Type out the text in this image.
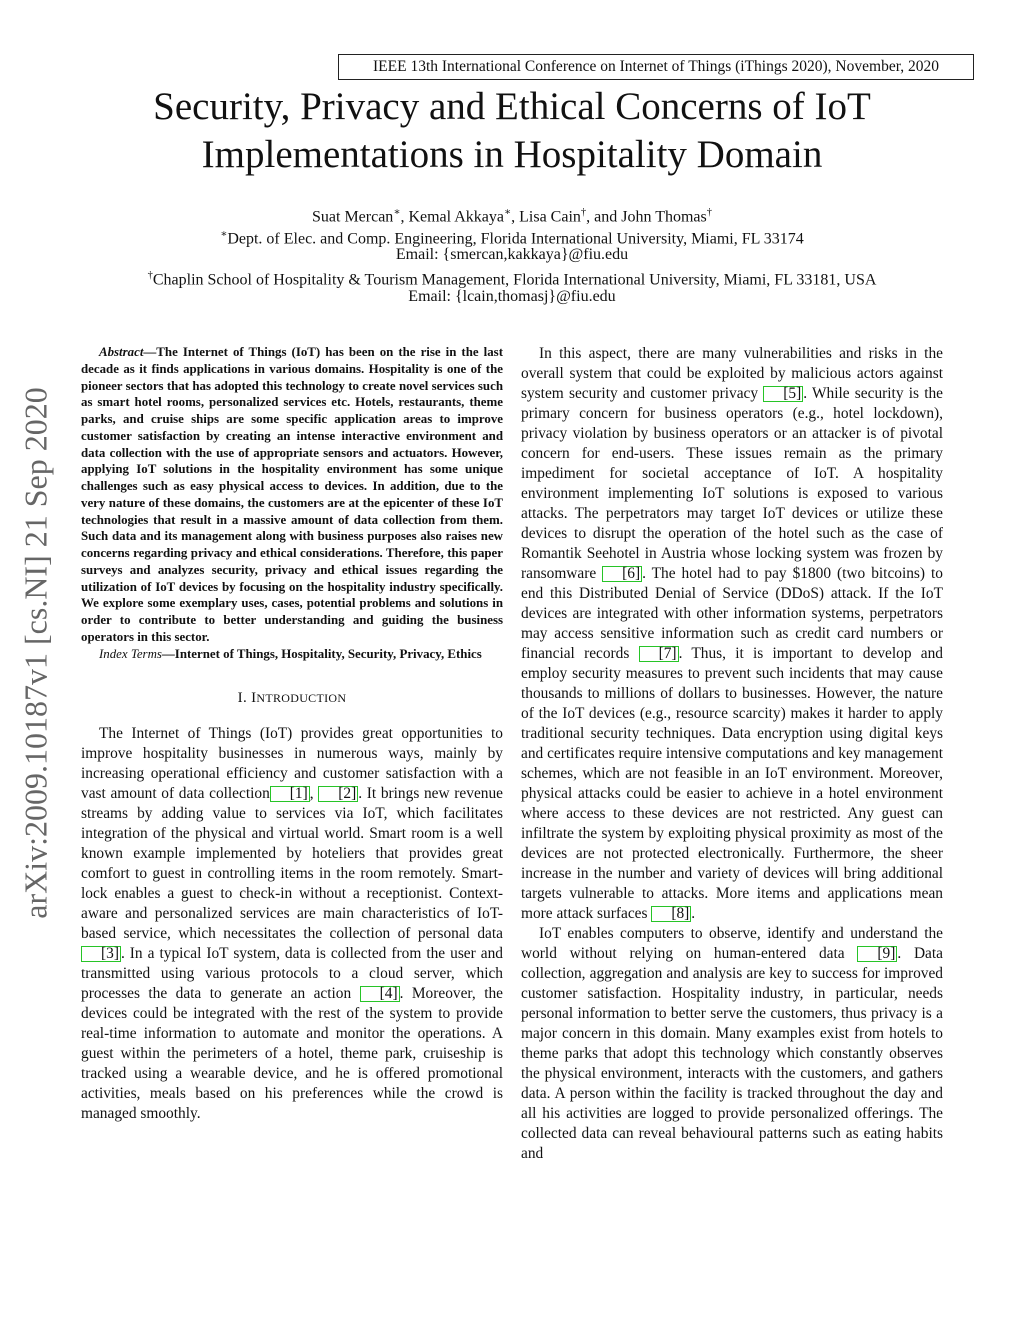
IEEE 13th International Conference on Internet of Things (iThings 2020), November, 2020
Security, Privacy and Ethical Concerns of IoT
Implementations in Hospitality Domain
Suat Mercan∗, Kemal Akkaya∗, Lisa Cain†, and John Thomas†
∗Dept. of Elec. and Comp. Engineering, Florida International University, Miami, FL 33174
Email: {smercan,kakkaya}@fiu.edu
†Chaplin School of Hospitality & Tourism Management, Florida International University, Miami, FL 33181, USA
Email: {lcain,thomasj}@fiu.edu
arXiv:2009.10187v1 [cs.NI] 21 Sep 2020

Abstract—The Internet of Things (IoT) has been on the rise in the last decade as it finds applications in various domains. Hospitality is one of the pioneer sectors that has adopted this technology to create novel services such as smart hotel rooms, personalized services etc. Hotels, restaurants, theme parks, and cruise ships are some specific application areas to improve customer satisfaction by creating an intense interactive environment and data collection with the use of appropriate sensors and actuators. However, applying IoT solutions in the hospitality environment has some unique challenges such as easy physical access to devices. In addition, due to the very nature of these domains, the customers are at the epicenter of these IoT technologies that result in a massive amount of data collection from them. Such data and its management along with business purposes also raises new concerns regarding privacy and ethical considerations. Therefore, this paper surveys and analyzes security, privacy and ethical issues regarding the utilization of IoT devices by focusing on the hospitality industry specifically. We explore some exemplary uses, cases, potential problems and solutions in order to contribute to better understanding and guiding the business operators in this sector.

Index Terms—Internet of Things, Hospitality, Security, Privacy, Ethics

I. INTRODUCTION

The Internet of Things (IoT) provides great opportunities to improve hospitality businesses in numerous ways, mainly by increasing operational efficiency and customer satisfaction with a vast amount of data collection [1] , [2] . It brings new revenue streams by adding value to services via IoT, which facilitates integration of the physical and virtual world. Smart room is a well known example implemented by hoteliers that provides great comfort to guest in controlling items in the room remotely. Smart-lock enables a guest to check-in without a receptionist. Context-aware and personalized services are main characteristics of IoT-based service, which necessitates the collection of personal data [3] . In a typical IoT system, data is collected from the user and transmitted using various protocols to a cloud server, which processes the data to generate an action [4] . Moreover, the devices could be integrated with the rest of the system to provide real-time information to automate and monitor the operations. A guest within the perimeters of a hotel, theme park, cruiseship is tracked using a wearable device, and he is offered promotional activities, meals based on his preferences while the crowd is managed smoothly.

In this aspect, there are many vulnerabilities and risks in the overall system that could be exploited by malicious actors against system security and customer privacy [5] . While security is the primary concern for business operators (e.g., hotel lockdown), privacy violation by business operators or an attacker is of pivotal concern for end-users. These issues remain as the primary impediment for societal acceptance of IoT. A hospitality environment implementing IoT solutions is exposed to various attacks. The perpetrators may target IoT devices or utilize these devices to disrupt the operation of the hotel such as the case of Romantik Seehotel in Austria whose locking system was frozen by ransomware [6] . The hotel had to pay $1800 (two bitcoins) to end this Distributed Denial of Service (DDoS) attack. If the IoT devices are integrated with other information systems, perpetrators may access sensitive information such as credit card numbers or financial records [7] . Thus, it is important to develop and employ security measures to prevent such incidents that may cause thousands to millions of dollars to businesses. However, the nature of the IoT devices (e.g., resource scarcity) makes it harder to apply traditional security techniques. Data encryption using digital keys and certificates require intensive computations and key management schemes, which are not feasible in an IoT environment. Moreover, physical attacks could be easier to achieve in a hotel environment where access to these devices are not restricted. Any guest can infiltrate the system by exploiting physical proximity as most of the devices are not protected electronically. Furthermore, the sheer increase in the number and variety of devices will bring additional targets vulnerable to attacks. More items and applications mean more attack surfaces [8] .

IoT enables computers to observe, identify and understand the world without relying on human-entered data [9] . Data collection, aggregation and analysis are key to success for improved customer satisfaction. Hospitality industry, in particular, needs personal information to better serve the customers, thus privacy is a major concern in this domain. Many examples exist from hotels to theme parks that adopt this technology which constantly observes the physical environment, interacts with the customers, and gathers data. A person within the facility is tracked throughout the day and all his activities are logged to provide personalized offerings. The collected data can reveal behavioural patterns such as eating habits and
